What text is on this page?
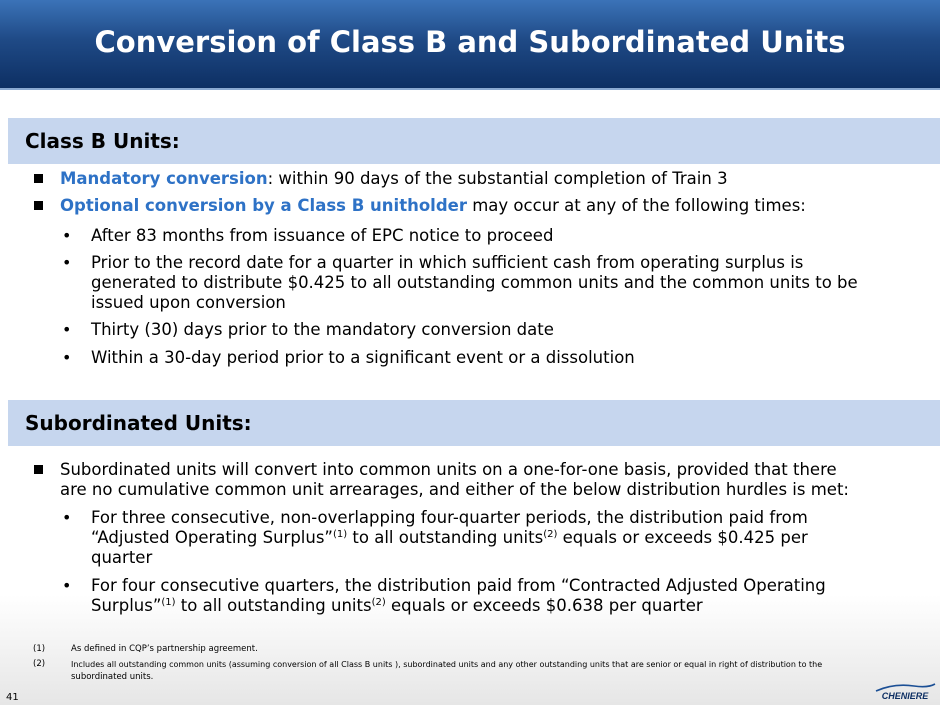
Conversion of Class B and Subordinated Units
Class B Units:
Mandatory conversion: within 90 days of the substantial completion of Train 3
Optional conversion by a Class B unitholder may occur at any of the following times:
• After 83 months from issuance of EPC notice to proceed
• Prior to the record date for a quarter in which sufficient cash from operating surplus is
generated to distribute $0.425 to all outstanding common units and the common units to be
issued upon conversion
• Thirty (30) days prior to the mandatory conversion date
• Within a 30-day period prior to a significant event or a dissolution
Subordinated Units:
Subordinated units will convert into common units on a one-for-one basis, provided that there
are no cumulative common unit arrearages, and either of the below distribution hurdles is met:
• For three consecutive, non-overlapping four-quarter periods, the distribution paid from
“Adjusted Operating Surplus”$^{(1)}$ to all outstanding units$^{(2)}$ equals or exceeds $0.425 per
quarter
• For four consecutive quarters, the distribution paid from “Contracted Adjusted Operating
Surplus”$^{(1)}$ to all outstanding units$^{(2)}$ equals or exceeds $0.638 per quarter
(1)	As defined in CQP’s partnership agreement.
(2)	Includes all outstanding common units (assuming conversion of all Class B units ), subordinated units and any other outstanding units that are senior or equal in right of distribution to the
subordinated units.
41	CHENIERE
